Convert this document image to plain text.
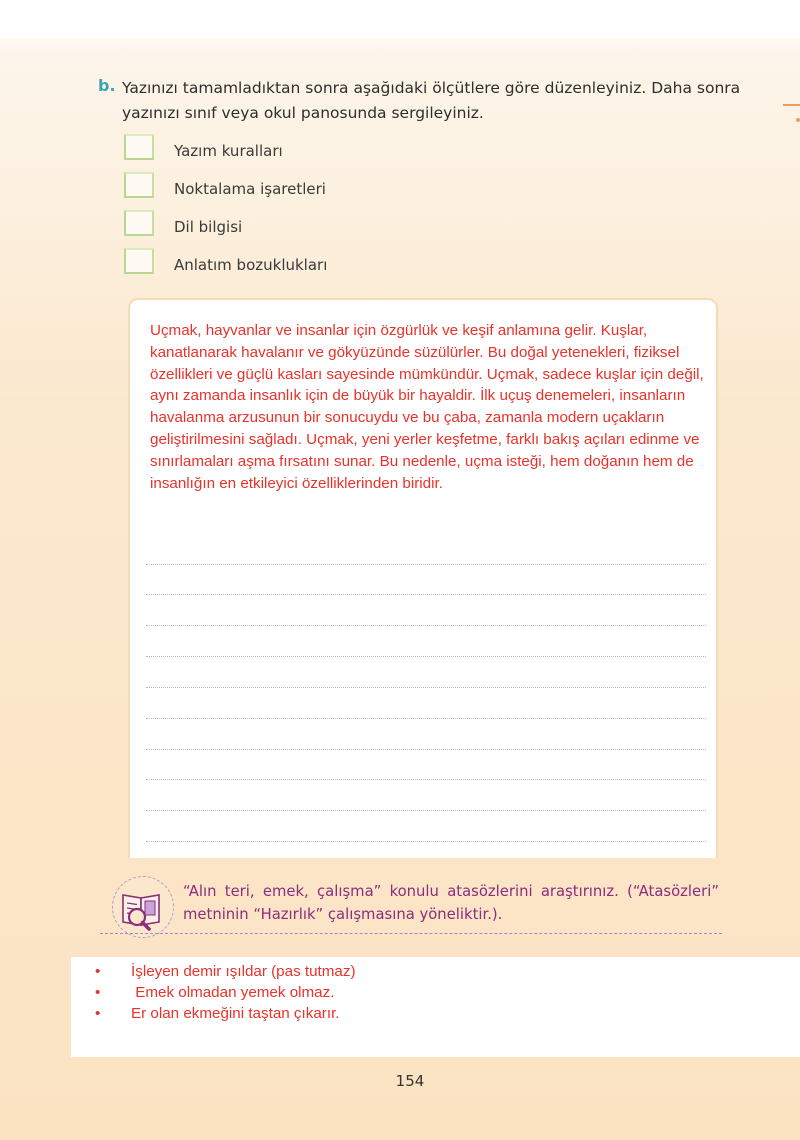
b. Yazınızı tamamladıktan sonra aşağıdaki ölçütlere göre düzenleyiniz. Daha sonra yazınızı sınıf veya okul panosunda sergileyiniz.
Yazım kuralları
Noktalama işaretleri
Dil bilgisi
Anlatım bozuklukları
Uçmak, hayvanlar ve insanlar için özgürlük ve keşif anlamına gelir. Kuşlar, kanatlanarak havalanır ve gökyüzünde süzülürler. Bu doğal yetenekleri, fiziksel özellikleri ve güçlü kasları sayesinde mümkündür. Uçmak, sadece kuşlar için değil, aynı zamanda insanlık için de büyük bir hayaldir. İlk uçuş denemeleri, insanların havalanma arzusunun bir sonucuydu ve bu çaba, zamanla modern uçakların geliştirilmesini sağladı. Uçmak, yeni yerler keşfetme, farklı bakış açıları edinme ve sınırlamaları aşma fırsatını sunar. Bu nedenle, uçma isteği, hem doğanın hem de insanlığın en etkileyici özelliklerinden biridir.
“Alın teri, emek, çalışma” konulu atasözlerini araştırınız. (“Atasözleri” metninin “Hazırlık” çalışmasına yöneliktir.).
•	İşleyen demir ışıldar (pas tutmaz)
•	Emek olmadan yemek olmaz.
•	Er olan ekmeğini taştan çıkarır.
154
